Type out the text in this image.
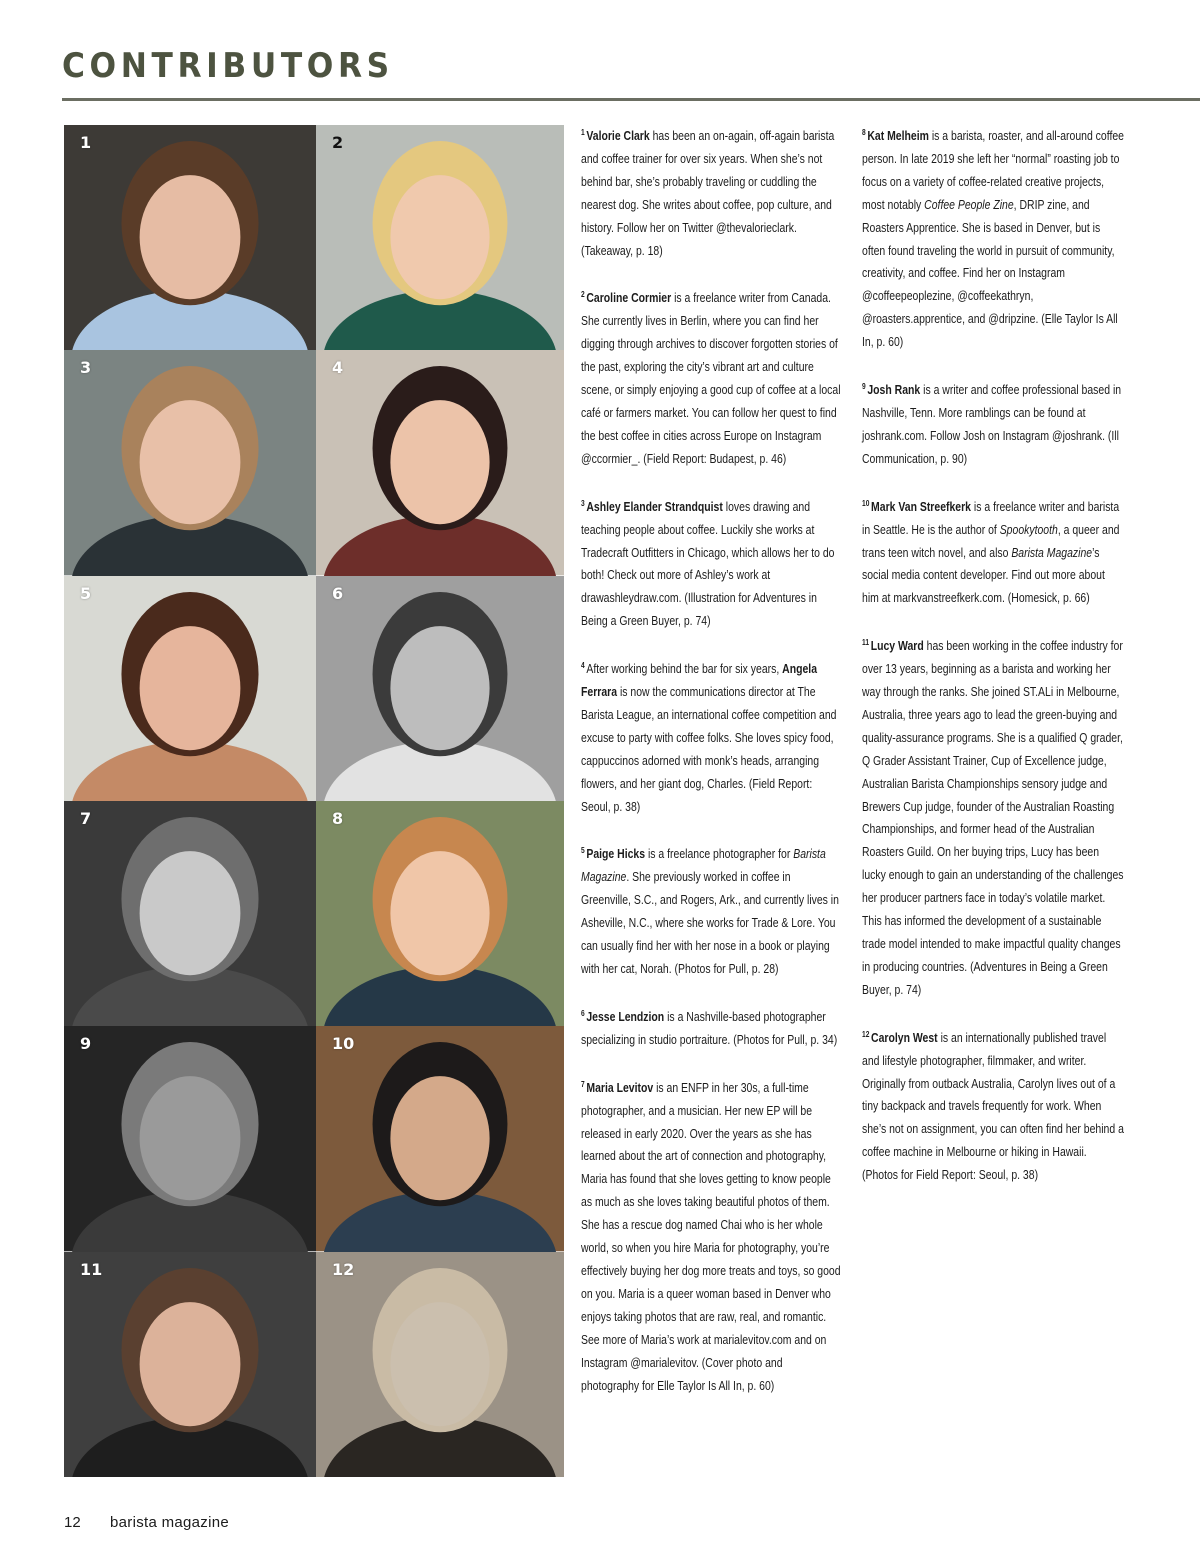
CONTRIBUTORS
1	2
3	4
5	6
7	8
9	10
11	12

$^1$ Valorie Clark has been an on-again, off-again barista and coffee trainer for over six years. When she’s not behind bar, she’s probably traveling or cuddling the nearest dog. She writes about coffee, pop culture, and history. Follow her on Twitter @thevalorieclark. (Takeaway, p. 18)

$^2$ Caroline Cormier is a freelance writer from Canada. She currently lives in Berlin, where you can find her digging through archives to discover forgotten stories of the past, exploring the city’s vibrant art and culture scene, or simply enjoying a good cup of coffee at a local café or farmers market. You can follow her quest to find the best coffee in cities across Europe on Instagram @ccormier_. (Field Report: Budapest, p. 46)

$^3$ Ashley Elander Strandquist loves drawing and teaching people about coffee. Luckily she works at Tradecraft Outfitters in Chicago, which allows her to do both! Check out more of Ashley’s work at drawashleydraw.com. (Illustration for Adventures in Being a Green Buyer, p. 74)

$^4$ After working behind the bar for six years, Angela Ferrara is now the communications director at The Barista League, an international coffee competition and excuse to party with coffee folks. She loves spicy food, cappuccinos adorned with monk’s heads, arranging flowers, and her giant dog, Charles. (Field Report: Seoul, p. 38)

$^5$ Paige Hicks is a freelance photographer for Barista Magazine. She previously worked in coffee in Greenville, S.C., and Rogers, Ark., and currently lives in Asheville, N.C., where she works for Trade & Lore. You can usually find her with her nose in a book or playing with her cat, Norah. (Photos for Pull, p. 28)

$^6$ Jesse Lendzion is a Nashville-based photographer specializing in studio portraiture. (Photos for Pull, p. 34)

$^7$ Maria Levitov is an ENFP in her 30s, a full-time photographer, and a musician. Her new EP will be released in early 2020. Over the years as she has learned about the art of connection and photography, Maria has found that she loves getting to know people as much as she loves taking beautiful photos of them. She has a rescue dog named Chai who is her whole world, so when you hire Maria for photography, you’re effectively buying her dog more treats and toys, so good on you. Maria is a queer woman based in Denver who enjoys taking photos that are raw, real, and romantic. See more of Maria’s work at marialevitov.com and on Instagram @marialevitov. (Cover photo and photography for Elle Taylor Is All In, p. 60)

$^8$ Kat Melheim is a barista, roaster, and all-around coffee person. In late 2019 she left her “normal” roasting job to focus on a variety of coffee-related creative projects, most notably Coffee People Zine, DRIP zine, and Roasters Apprentice. She is based in Denver, but is often found traveling the world in pursuit of community, creativity, and coffee. Find her on Instagram @coffeepeoplezine, @coffeekathryn, @roasters.apprentice, and @dripzine. (Elle Taylor Is All In, p. 60)

$^9$ Josh Rank is a writer and coffee professional based in Nashville, Tenn. More ramblings can be found at joshrank.com. Follow Josh on Instagram @joshrank. (Ill Communication, p. 90)

$^{10}$ Mark Van Streefkerk is a freelance writer and barista in Seattle. He is the author of Spookytooth, a queer and trans teen witch novel, and also Barista Magazine’s social media content developer. Find out more about him at markvanstreefkerk.com. (Homesick, p. 66)

$^{11}$ Lucy Ward has been working in the coffee industry for over 13 years, beginning as a barista and working her way through the ranks. She joined ST.ALi in Melbourne, Australia, three years ago to lead the green-buying and quality-assurance programs. She is a qualified Q grader, Q Grader Assistant Trainer, Cup of Excellence judge, Australian Barista Championships sensory judge and Brewers Cup judge, founder of the Australian Roasting Championships, and former head of the Australian Roasters Guild. On her buying trips, Lucy has been lucky enough to gain an understanding of the challenges her producer partners face in today’s volatile market. This has informed the development of a sustainable trade model intended to make impactful quality changes in producing countries. (Adventures in Being a Green Buyer, p. 74)

$^{12}$ Carolyn West is an internationally published travel and lifestyle photographer, filmmaker, and writer. Originally from outback Australia, Carolyn lives out of a tiny backpack and travels frequently for work. When she’s not on assignment, you can often find her behind a coffee machine in Melbourne or hiking in Hawaii. (Photos for Field Report: Seoul, p. 38)

12 barista magazine
